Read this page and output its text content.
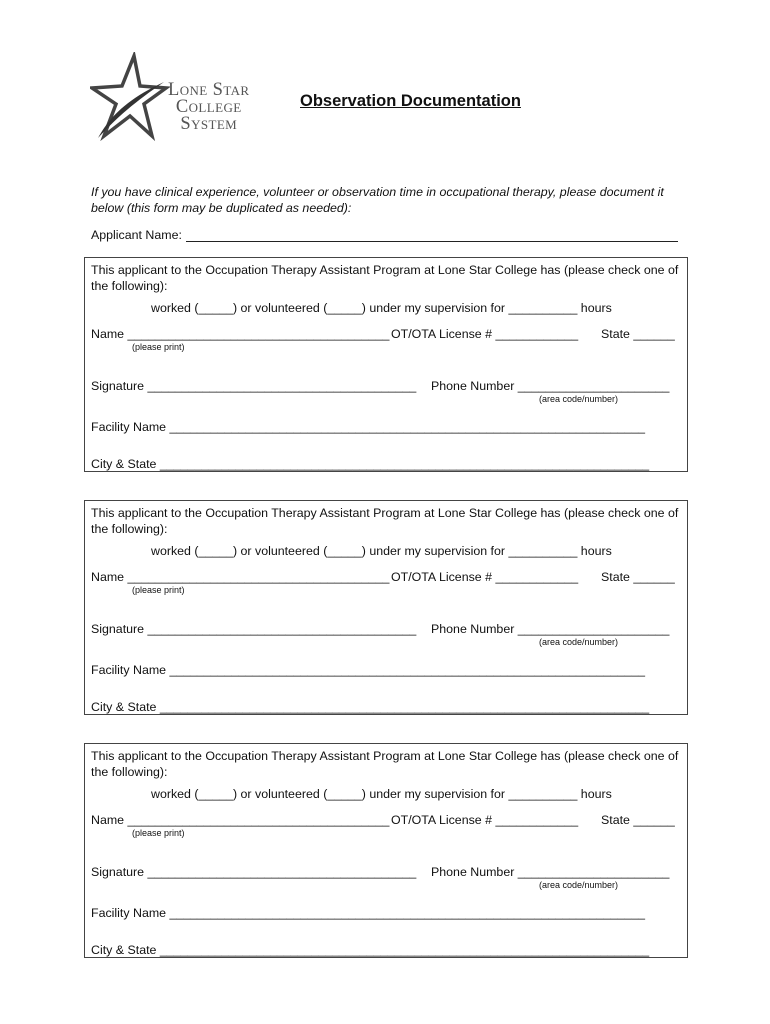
Lone Star
College
System
Observation Documentation
If you have clinical experience, volunteer or observation time in occupational therapy, please document it below (this form may be duplicated as needed):
Applicant Name:
This applicant to the Occupation Therapy Assistant Program at Lone Star College has (please check one of the following):
worked (_____) or volunteered (_____) under my supervision for __________ hours
Name ______________________________________ OT/OTA License # ____________ State ______
(please print)
Signature _______________________________________ Phone Number ______________________
(area code/number)
Facility Name _____________________________________________________________________
City & State _______________________________________________________________________
This applicant to the Occupation Therapy Assistant Program at Lone Star College has (please check one of the following):
worked (_____) or volunteered (_____) under my supervision for __________ hours
Name ______________________________________ OT/OTA License # ____________ State ______
(please print)
Signature _______________________________________ Phone Number ______________________
(area code/number)
Facility Name _____________________________________________________________________
City & State _______________________________________________________________________
This applicant to the Occupation Therapy Assistant Program at Lone Star College has (please check one of the following):
worked (_____) or volunteered (_____) under my supervision for __________ hours
Name ______________________________________ OT/OTA License # ____________ State ______
(please print)
Signature _______________________________________ Phone Number ______________________
(area code/number)
Facility Name _____________________________________________________________________
City & State _______________________________________________________________________
